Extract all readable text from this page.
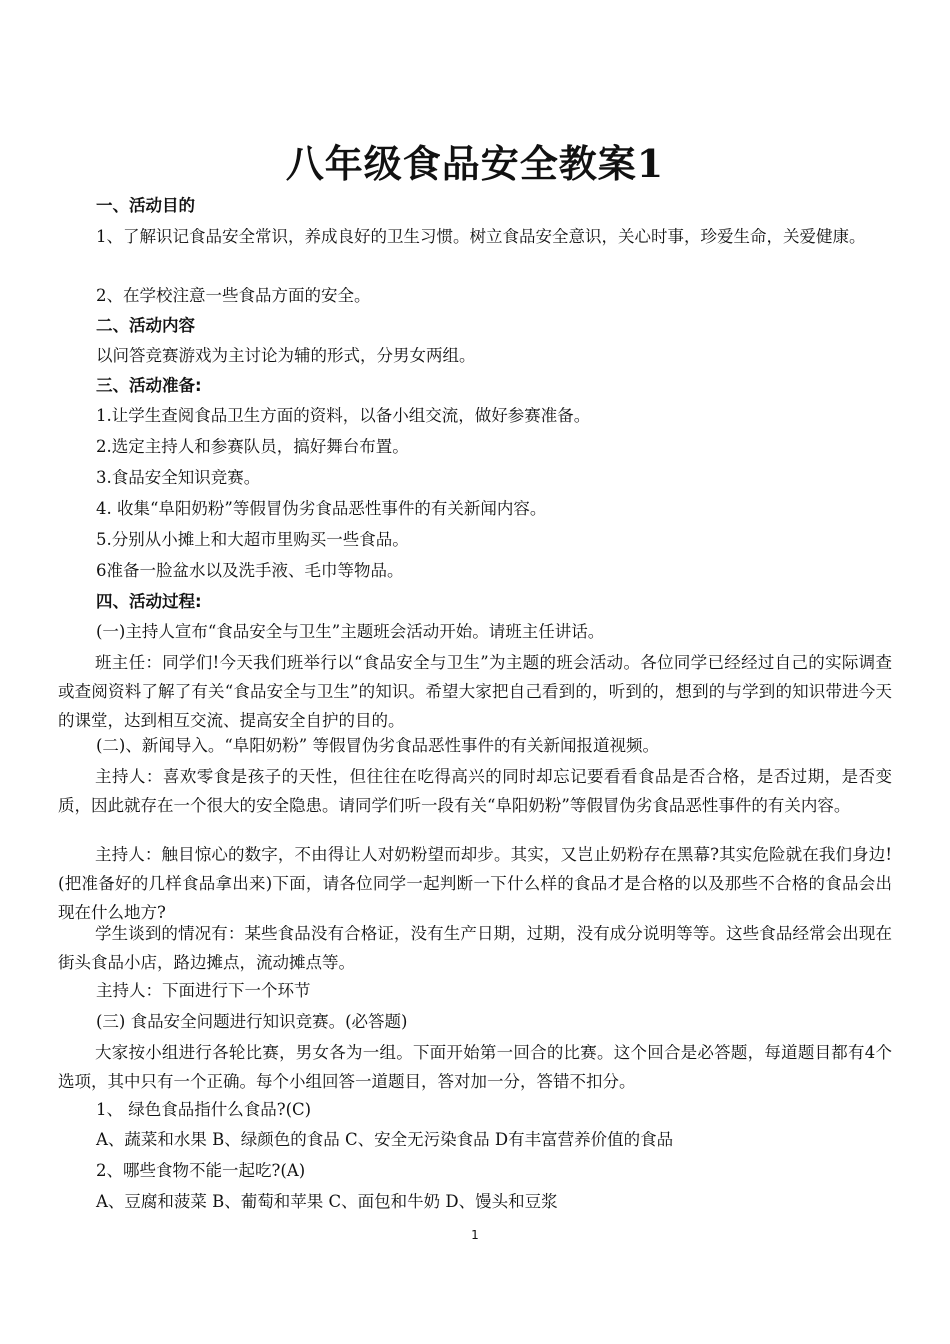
八年级食品安全教案1
一、活动目的
1、了解识记食品安全常识，养成良好的卫生习惯。树立食品安全意识，关心时事，珍爱生命，关爱健康。
2、在学校注意一些食品方面的安全。
二、活动内容
以问答竞赛游戏为主讨论为辅的形式，分男女两组。
三、活动准备:
1.让学生查阅食品卫生方面的资料，以备小组交流，做好参赛准备。
2.选定主持人和参赛队员，搞好舞台布置。
3.食品安全知识竞赛。
4. 收集“阜阳奶粉”等假冒伪劣食品恶性事件的有关新闻内容。
5.分别从小摊上和大超市里购买一些食品。
6准备一脸盆水以及洗手液、毛巾等物品。
四、活动过程:
(一)主持人宣布“食品安全与卫生”主题班会活动开始。请班主任讲话。
班主任：同学们!今天我们班举行以“食品安全与卫生”为主题的班会活动。各位同学已经经过自己的实际调查或查阅资料了解了有关“食品安全与卫生”的知识。希望大家把自己看到的，听到的，想到的与学到的知识带进今天的课堂，达到相互交流、提高安全自护的目的。
(二)、新闻导入。“阜阳奶粉” 等假冒伪劣食品恶性事件的有关新闻报道视频。
主持人：喜欢零食是孩子的天性，但往往在吃得高兴的同时却忘记要看看食品是否合格，是否过期，是否变质，因此就存在一个很大的安全隐患。请同学们听一段有关“阜阳奶粉”等假冒伪劣食品恶性事件的有关内容。
主持人：触目惊心的数字，不由得让人对奶粉望而却步。其实，又岂止奶粉存在黑幕?其实危险就在我们身边!(把准备好的几样食品拿出来)下面，请各位同学一起判断一下什么样的食品才是合格的以及那些不合格的食品会出现在什么地方?
学生谈到的情况有：某些食品没有合格证，没有生产日期，过期，没有成分说明等等。这些食品经常会出现在街头食品小店，路边摊点，流动摊点等。
主持人：下面进行下一个环节
(三) 食品安全问题进行知识竞赛。(必答题)
大家按小组进行各轮比赛，男女各为一组。下面开始第一回合的比赛。这个回合是必答题，每道题目都有4个选项，其中只有一个正确。每个小组回答一道题目，答对加一分，答错不扣分。
1、 绿色食品指什么食品?(C)
A、蔬菜和水果 B、绿颜色的食品 C、安全无污染食品 D有丰富营养价值的食品
2、哪些食物不能一起吃?(A)
A、豆腐和菠菜 B、葡萄和苹果 C、面包和牛奶 D、馒头和豆浆
1
